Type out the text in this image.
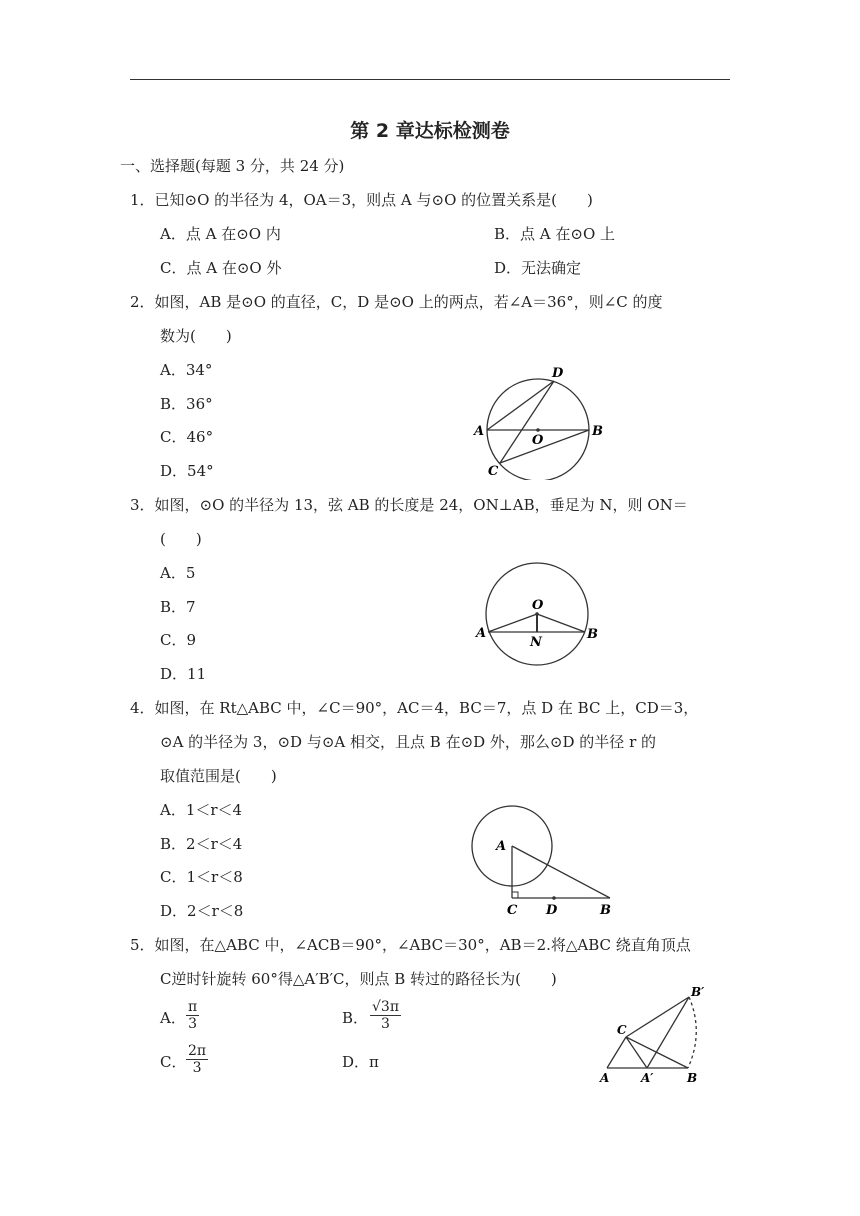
第 2 章达标检测卷
一、选择题(每题 3 分，共 24 分)
1．已知⊙O 的半径为 4，OA＝3，则点 A 与⊙O 的位置关系是(　　)
A．点 A 在⊙O 内	B．点 A 在⊙O 上
C．点 A 在⊙O 外	D．无法确定
2．如图，AB 是⊙O 的直径，C，D 是⊙O 上的两点，若∠A＝36°，则∠C 的度
数为(　　)
A．34°
B．36°
C．46°
D．54°
A	B
D
C
O
3．如图，⊙O 的半径为 13，弦 AB 的长度是 24，ON⊥AB，垂足为 N，则 ON＝
(　　)
A．5
B．7
C．9
D．11
O
A	B
N
4．如图，在 Rt△ABC 中，∠C＝90°，AC＝4，BC＝7，点 D 在 BC 上，CD＝3，
⊙A 的半径为 3，⊙D 与⊙A 相交，且点 B 在⊙D 外，那么⊙D 的半径 r 的
取值范围是(　　)
A．1＜r＜4
B．2＜r＜4
C．1＜r＜8
D．2＜r＜8
A
C D	B
5．如图，在△ABC 中，∠ACB＝90°，∠ABC＝30°，AB＝2.将△ABC 绕直角顶点
C逆时针旋转 60°得△A′B′C，则点 B 转过的路径长为(　　)
A． $\frac{\pi}{3}$	B． $\frac{√3\pi}{3}$
C． $\frac{2\pi}{3}$	D．π
B′
C
A	A′	B
